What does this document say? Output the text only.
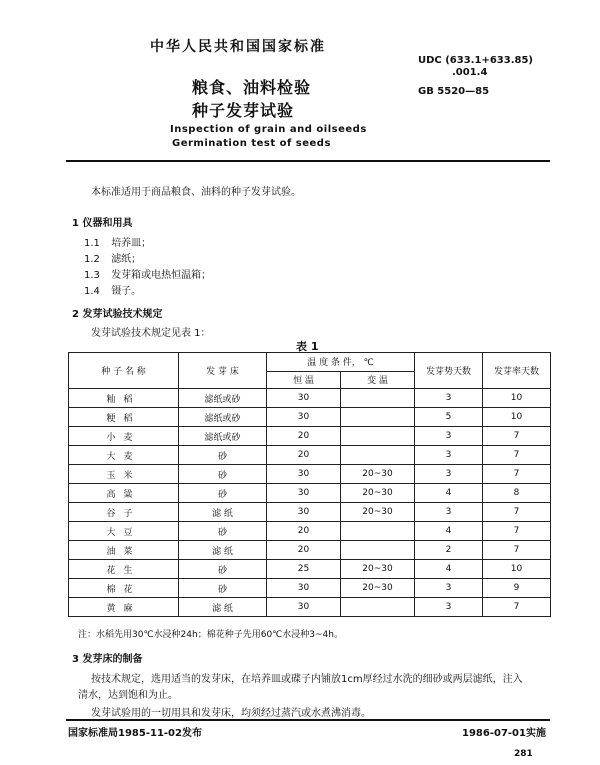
中华人民共和国国家标准
UDC (633.1+633.85)
.001.4
GB 5520—85
粮食、油料检验
种子发芽试验
Inspection of grain and oilseeds
Germination test of seeds
本标准适用于商品粮食、油料的种子发芽试验。
1 仪器和用具
1.1 培养皿；
1.2 滤纸；
1.3 发芽箱或电热恒温箱；
1.4 镊子。
2 发芽试验技术规定
发芽试验技术规定见表 1：
表 1
种 子 名 称	发 芽 床	温 度 条 件， ℃		发芽势天数	发芽率天数
		恒 温	变 温		
籼稻	滤纸或砂	30		3	10
粳稻	滤纸或砂	30		5	10
小麦	滤纸或砂	20		3	7
大麦	砂	20		3	7
玉米	砂	30	20~30	3	7
高粱	砂	30	20~30	4	8
谷子	滤 纸	30	20~30	3	7
大豆	砂	20		4	7
油菜	滤 纸	20		2	7
花生	砂	25	20~30	4	10
棉花	砂	30	20~30	3	9
黄麻	滤 纸	30		3	7
注：水稻先用30℃水浸种24h；棉花种子先用60℃水浸种3~4h。
3 发芽床的制备
按技术规定，选用适当的发芽床，在培养皿或碟子内铺放1cm厚经过水洗的细砂或两层滤纸，注入
清水，达到饱和为止。
发芽试验用的一切用具和发芽床，均须经过蒸汽或水煮沸消毒。
国家标准局1985-11-02发布	1986-07-01实施
281
